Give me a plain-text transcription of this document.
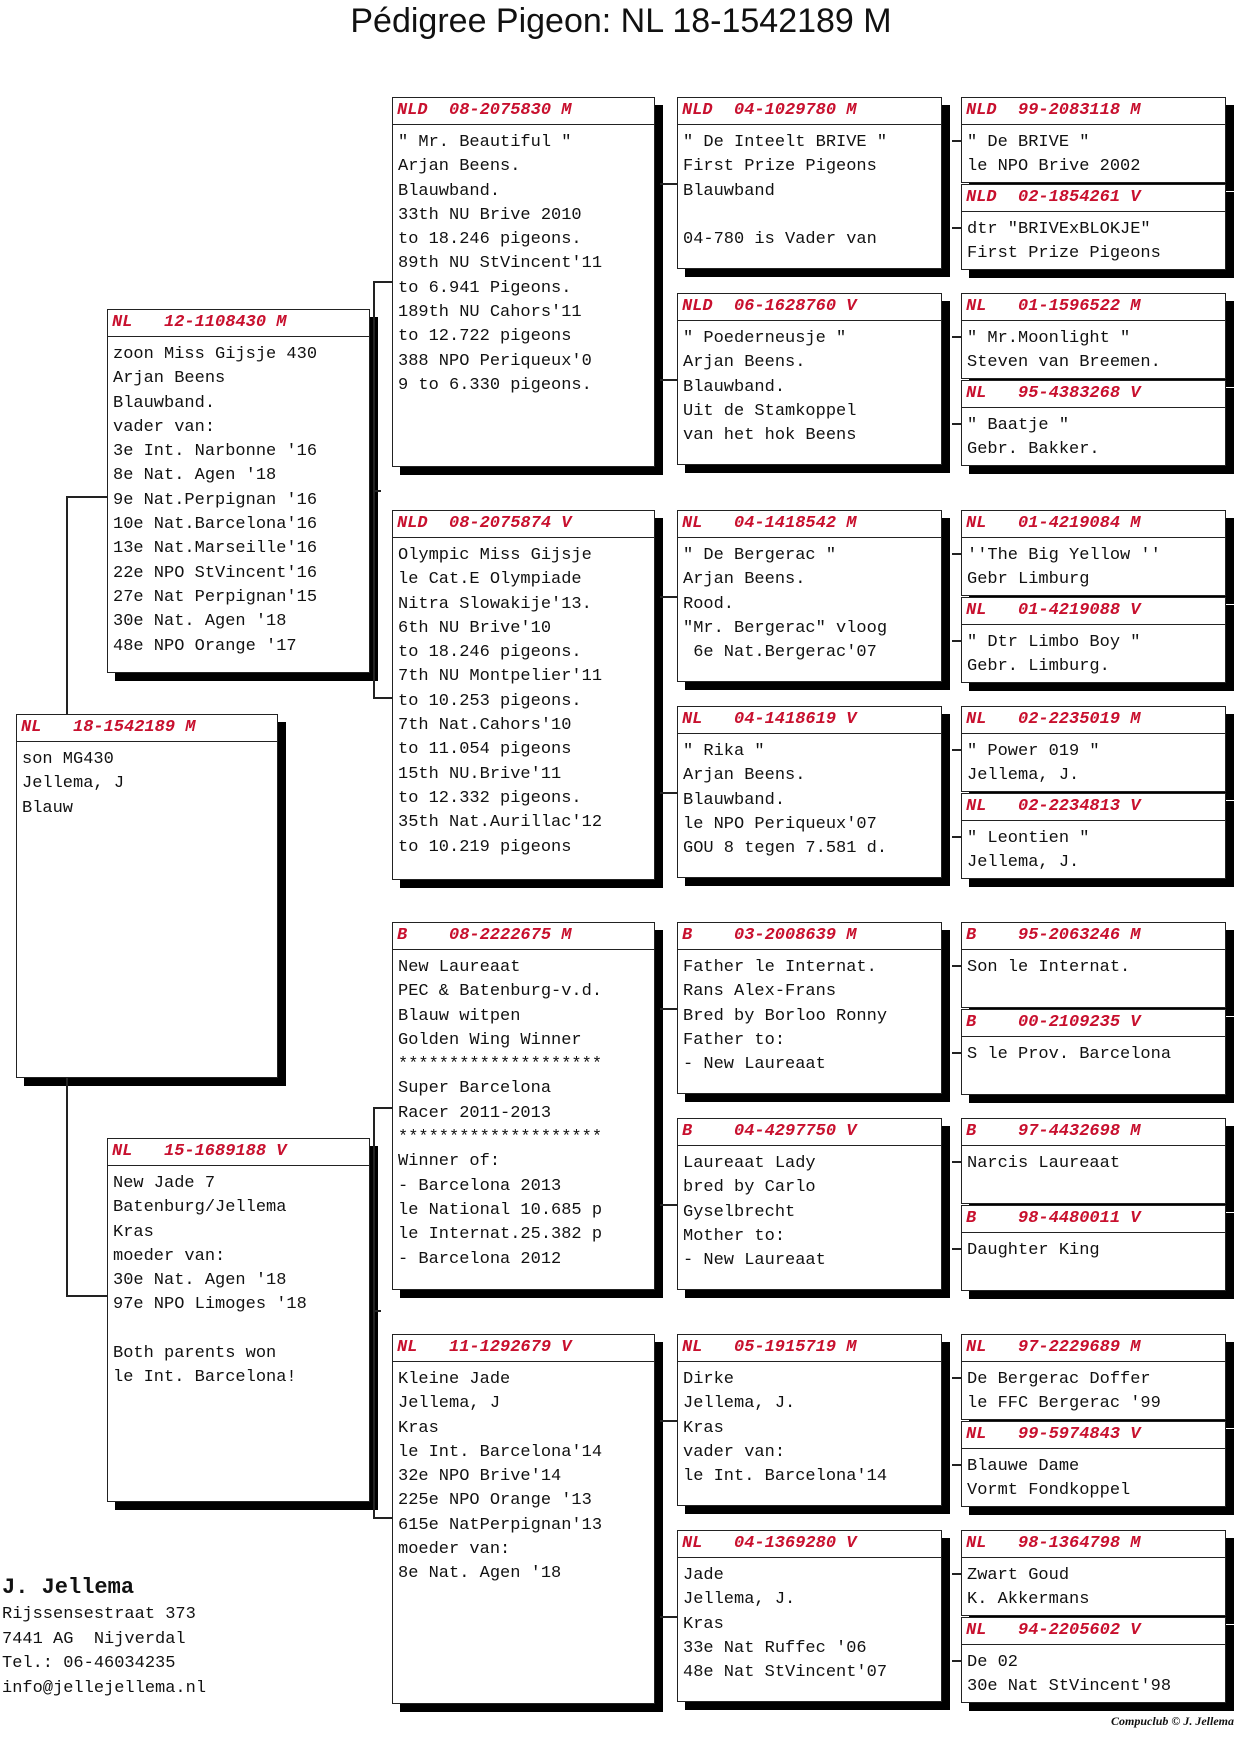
Pédigree Pigeon: NL 18-1542189 M
NL 18-1542189 M
son MG430
Jellema, J
Blauw
NL 12-1108430 M
zoon Miss Gijsje 430
Arjan Beens
Blauwband.
vader van:
3e Int. Narbonne '16
8e Nat. Agen '18
9e Nat.Perpignan '16
10e Nat.Barcelona'16
13e Nat.Marseille'16
22e NPO StVincent'16
27e Nat Perpignan'15
30e Nat. Agen '18
48e NPO Orange '17
NL 15-1689188 V
New Jade 7
Batenburg/Jellema
Kras
moeder van:
30e Nat. Agen '18
97e NPO Limoges '18

Both parents won
le Int. Barcelona!
NLD 08-2075830 M
" Mr. Beautiful "
Arjan Beens.
Blauwband.
33th NU Brive 2010
to 18.246 pigeons.
89th NU StVincent'11
to 6.941 Pigeons.
189th NU Cahors'11
to 12.722 pigeons
388 NPO Periqueux'0
9 to 6.330 pigeons.
NLD 08-2075874 V
Olympic Miss Gijsje
le Cat.E Olympiade
Nitra Slowakije'13.
6th NU Brive'10
to 18.246 pigeons.
7th NU Montpelier'11
to 10.253 pigeons.
7th Nat.Cahors'10
to 11.054 pigeons
15th NU.Brive'11
to 12.332 pigeons.
35th Nat.Aurillac'12
to 10.219 pigeons
B 08-2222675 M
New Laureaat
PEC & Batenburg-v.d.
Blauw witpen
Golden Wing Winner
********************
Super Barcelona
Racer 2011-2013
********************
Winner of:
- Barcelona 2013
le National 10.685 p
le Internat.25.382 p
- Barcelona 2012
NL 11-1292679 V
Kleine Jade
Jellema, J
Kras
le Int. Barcelona'14
32e NPO Brive'14
225e NPO Orange '13
615e NatPerpignan'13
moeder van:
8e Nat. Agen '18
NLD 04-1029780 M
" De Inteelt BRIVE "
First Prize Pigeons
Blauwband

04-780 is Vader van
NLD 06-1628760 V
" Poederneusje "
Arjan Beens.
Blauwband.
Uit de Stamkoppel
van het hok Beens
NL 04-1418542 M
" De Bergerac "
Arjan Beens.
Rood.
"Mr. Bergerac" vloog
6e Nat.Bergerac'07
NL 04-1418619 V
" Rika "
Arjan Beens.
Blauwband.
le NPO Periqueux'07
GOU 8 tegen 7.581 d.
B 03-2008639 M
Father le Internat.
Rans Alex-Frans
Bred by Borloo Ronny
Father to:
- New Laureaat
B 04-4297750 V
Laureaat Lady
bred by Carlo
Gyselbrecht
Mother to:
- New Laureaat
NL 05-1915719 M
Dirke
Jellema, J.
Kras
vader van:
le Int. Barcelona'14
NL 04-1369280 V
Jade
Jellema, J.
Kras
33e Nat Ruffec '06
48e Nat StVincent'07
NLD 99-2083118 M
" De BRIVE "
le NPO Brive 2002
NLD 02-1854261 V
dtr "BRIVExBLOKJE"
First Prize Pigeons
NL 01-1596522 M
" Mr.Moonlight "
Steven van Breemen.
NL 95-4383268 V
" Baatje "
Gebr. Bakker.
NL 01-4219084 M
''The Big Yellow ''
Gebr Limburg
NL 01-4219088 V
" Dtr Limbo Boy "
Gebr. Limburg.
NL 02-2235019 M
" Power 019 "
Jellema, J.
NL 02-2234813 V
" Leontien "
Jellema, J.
B 95-2063246 M
Son le Internat.
B 00-2109235 V
S le Prov. Barcelona
B 97-4432698 M
Narcis Laureaat
B 98-4480011 V
Daughter King
NL 97-2229689 M
De Bergerac Doffer
le FFC Bergerac '99
NL 99-5974843 V
Blauwe Dame
Vormt Fondkoppel
NL 98-1364798 M
Zwart Goud
K. Akkermans
NL 94-2205602 V
De 02
30e Nat StVincent'98
J. Jellema
Rijssensestraat 373
7441 AG  Nijverdal
Tel.: 06-46034235
info@jellejellema.nl
Compuclub © J. Jellema
